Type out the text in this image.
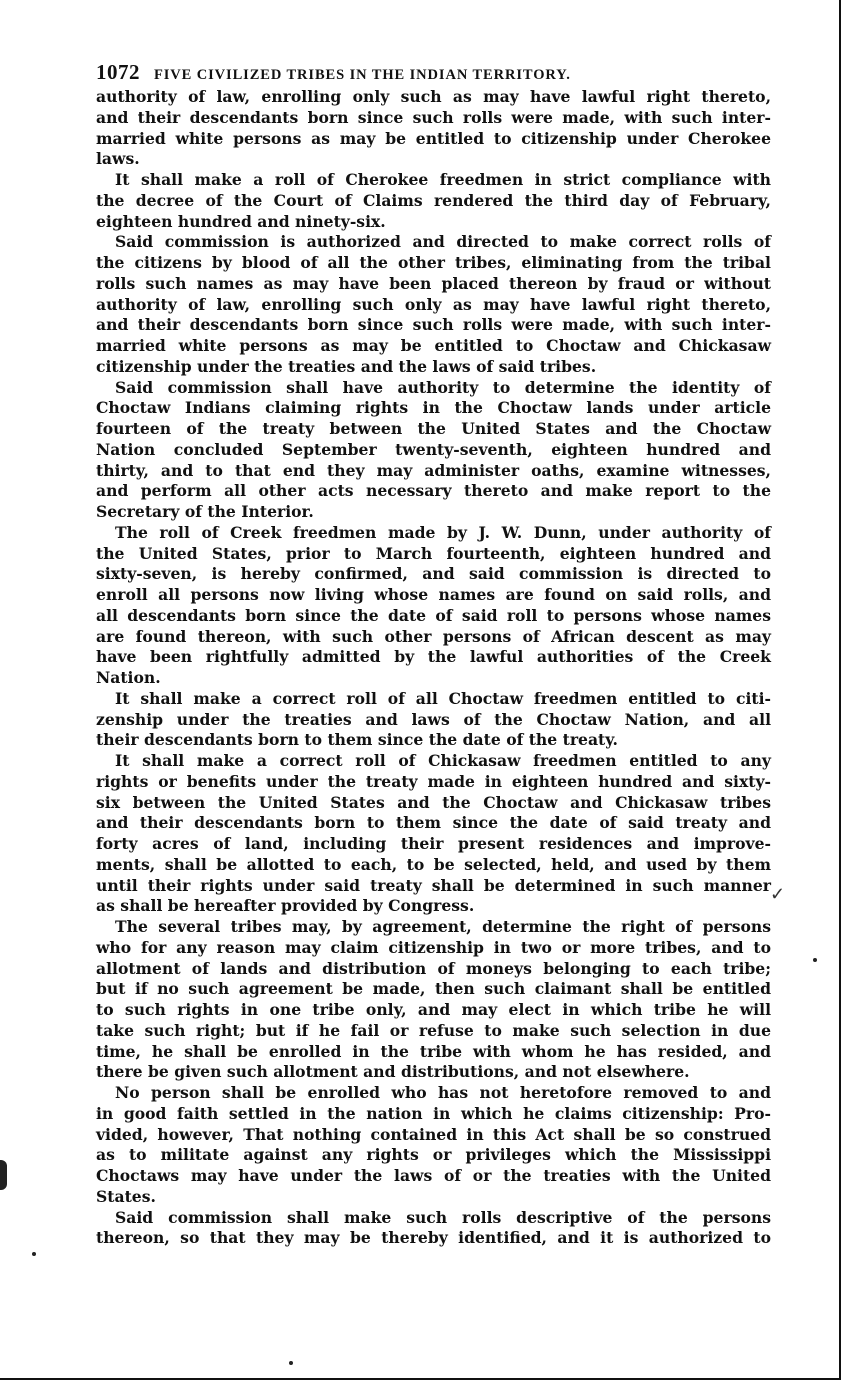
1072 FIVE CIVILIZED TRIBES IN THE INDIAN TERRITORY.
authority of law, enrolling only such as may have lawful right thereto,
and their descendants born since such rolls were made, with such inter-
married white persons as may be entitled to citizenship under Cherokee
laws.
It shall make a roll of Cherokee freedmen in strict compliance with
the decree of the Court of Claims rendered the third day of February,
eighteen hundred and ninety-six.
Said commission is authorized and directed to make correct rolls of
the citizens by blood of all the other tribes, eliminating from the tribal
rolls such names as may have been placed thereon by fraud or without
authority of law, enrolling such only as may have lawful right thereto,
and their descendants born since such rolls were made, with such inter-
married white persons as may be entitled to Choctaw and Chickasaw
citizenship under the treaties and the laws of said tribes.
Said commission shall have authority to determine the identity of
Choctaw Indians claiming rights in the Choctaw lands under article
fourteen of the treaty between the United States and the Choctaw
Nation concluded September twenty-seventh, eighteen hundred and
thirty, and to that end they may administer oaths, examine witnesses,
and perform all other acts necessary thereto and make report to the
Secretary of the Interior.
The roll of Creek freedmen made by J. W. Dunn, under authority of
the United States, prior to March fourteenth, eighteen hundred and
sixty-seven, is hereby confirmed, and said commission is directed to
enroll all persons now living whose names are found on said rolls, and
all descendants born since the date of said roll to persons whose names
are found thereon, with such other persons of African descent as may
have been rightfully admitted by the lawful authorities of the Creek
Nation.
It shall make a correct roll of all Choctaw freedmen entitled to citi-
zenship under the treaties and laws of the Choctaw Nation, and all
their descendants born to them since the date of the treaty.
It shall make a correct roll of Chickasaw freedmen entitled to any
rights or benefits under the treaty made in eighteen hundred and sixty-
six between the United States and the Choctaw and Chickasaw tribes
and their descendants born to them since the date of said treaty and
forty acres of land, including their present residences and improve-
ments, shall be allotted to each, to be selected, held, and used by them
until their rights under said treaty shall be determined in such manner
as shall be hereafter provided by Congress.
The several tribes may, by agreement, determine the right of persons
who for any reason may claim citizenship in two or more tribes, and to
allotment of lands and distribution of moneys belonging to each tribe;
but if no such agreement be made, then such claimant shall be entitled
to such rights in one tribe only, and may elect in which tribe he will
take such right; but if he fail or refuse to make such selection in due
time, he shall be enrolled in the tribe with whom he has resided, and
there be given such allotment and distributions, and not elsewhere.
No person shall be enrolled who has not heretofore removed to and
in good faith settled in the nation in which he claims citizenship: Pro-
vided, however, That nothing contained in this Act shall be so construed
as to militate against any rights or privileges which the Mississippi
Choctaws may have under the laws of or the treaties with the United
States.
Said commission shall make such rolls descriptive of the persons
thereon, so that they may be thereby identified, and it is authorized to
✓
